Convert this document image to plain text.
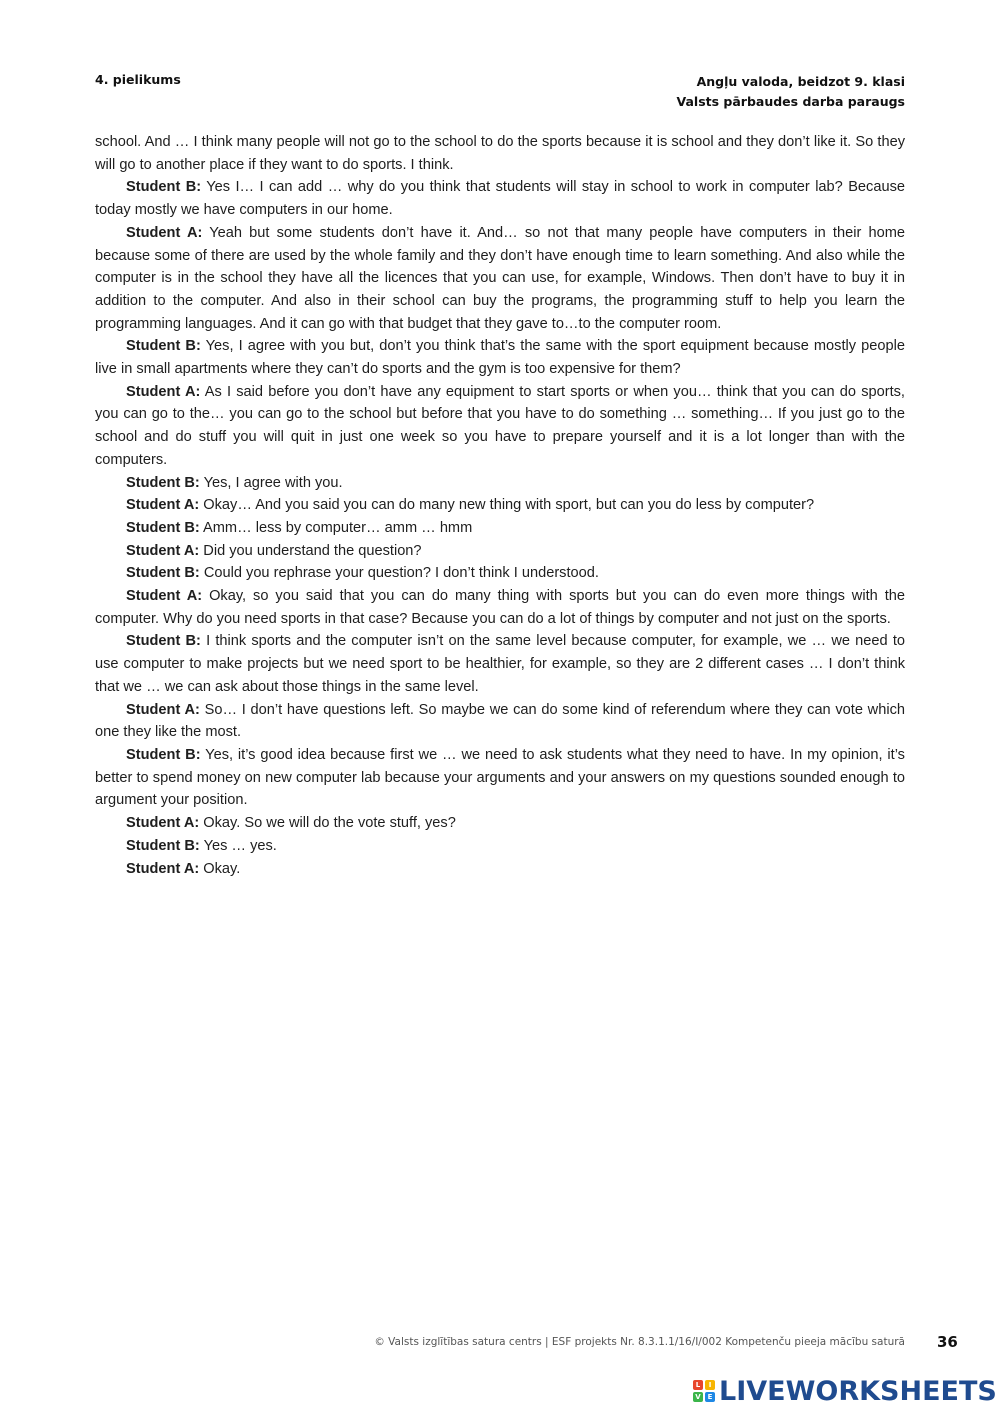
4. pielikums	Angļu valoda, beidzot 9. klasi
Valsts pārbaudes darba paraugs

school. And … I think many people will not go to the school to do the sports because it is school and they don’t like it. So they will go to another place if they want to do sports. I think.

Student B: Yes I… I can add … why do you think that students will stay in school to work in computer lab? Because today mostly we have computers in our home.

Student A: Yeah but some students don’t have it. And… so not that many people have computers in their home because some of there are used by the whole family and they don’t have enough time to learn something. And also while the computer is in the school they have all the licences that you can use, for example, Windows. Then don’t have to buy it in addition to the computer. And also in their school can buy the programs, the programming stuff to help you learn the programming languages. And it can go with that budget that they gave to…to the computer room.

Student B: Yes, I agree with you but, don’t you think that’s the same with the sport equipment because mostly people live in small apartments where they can’t do sports and the gym is too expensive for them?

Student A: As I said before you don’t have any equipment to start sports or when you… think that you can do sports, you can go to the… you can go to the school but before that you have to do something … something… If you just go to the school and do stuff you will quit in just one week so you have to prepare yourself and it is a lot longer than with the computers.

Student B: Yes, I agree with you.

Student A: Okay… And you said you can do many new thing with sport, but can you do less by computer?

Student B: Amm… less by computer… amm … hmm

Student A: Did you understand the question?

Student B: Could you rephrase your question? I don’t think I understood.

Student A: Okay, so you said that you can do many thing with sports but you can do even more things with the computer. Why do you need sports in that case? Because you can do a lot of things by computer and not just on the sports.

Student B: I think sports and the computer isn’t on the same level because computer, for example, we … we need to use computer to make projects but we need sport to be healthier, for example, so they are 2 different cases … I don’t think that we … we can ask about those things in the same level.

Student A: So… I don’t have questions left. So maybe we can do some kind of referendum where they can vote which one they like the most.

Student B: Yes, it’s good idea because first we … we need to ask students what they need to have. In my opinion, it’s better to spend money on new computer lab because your arguments and your answers on my questions sounded enough to argument your position.

Student A: Okay. So we will do the vote stuff, yes?

Student B: Yes … yes.

Student A: Okay.

© Valsts izglītības satura centrs | ESF projekts Nr. 8.3.1.1/16/I/002 Kompetenču pieeja mācību saturā 36
L	I
V E LIVEWORKSHEETS
